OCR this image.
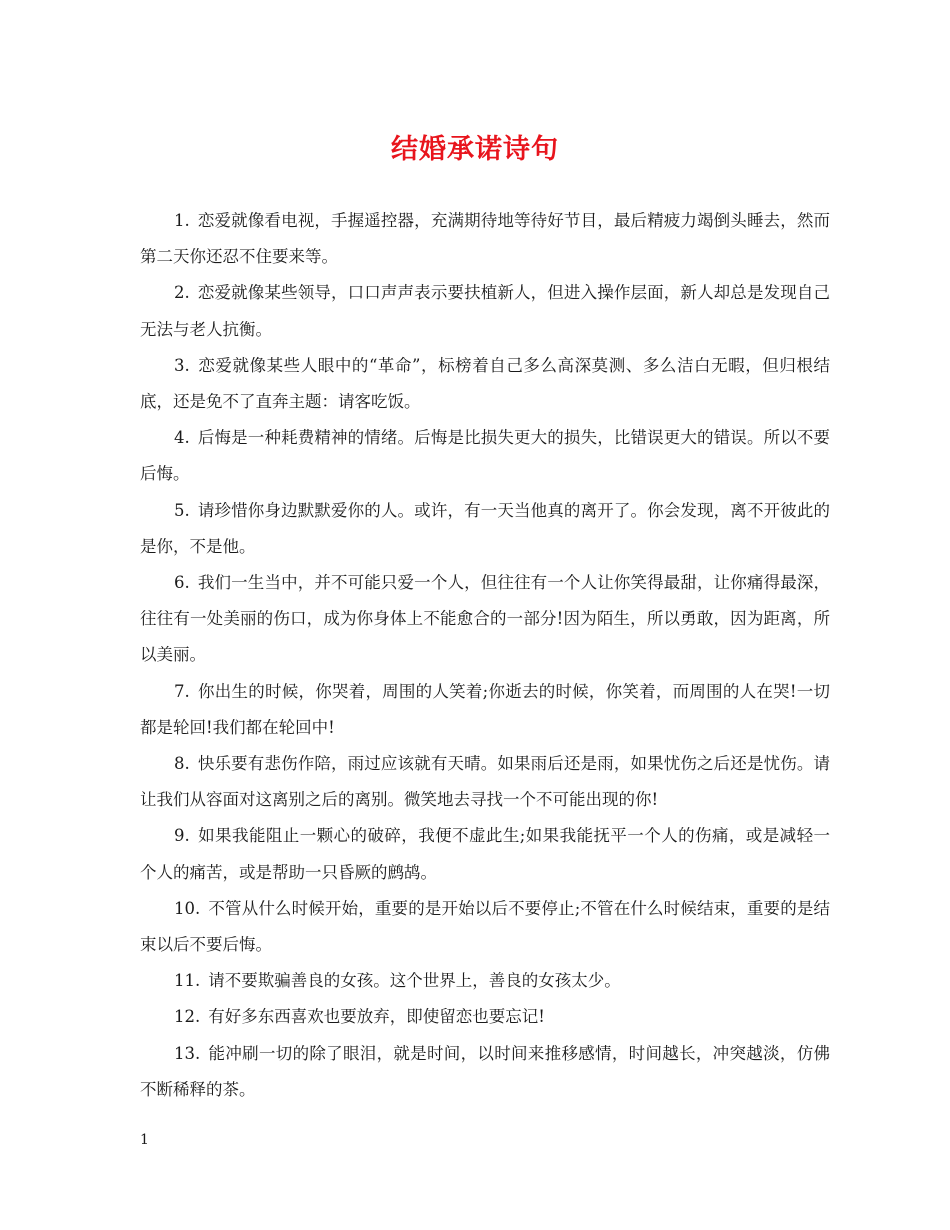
结婚承诺诗句

1. 恋爱就像看电视，手握遥控器，充满期待地等待好节目，最后精疲力竭倒头睡去，然而第二天你还忍不住要来等。

2. 恋爱就像某些领导，口口声声表示要扶植新人，但进入操作层面，新人却总是发现自己无法与老人抗衡。

3. 恋爱就像某些人眼中的“革命”，标榜着自己多么高深莫测、多么洁白无暇，但归根结底，还是免不了直奔主题：请客吃饭。

4. 后悔是一种耗费精神的情绪。后悔是比损失更大的损失，比错误更大的错误。所以不要后悔。

5. 请珍惜你身边默默爱你的人。或许，有一天当他真的离开了。你会发现，离不开彼此的是你，不是他。

6. 我们一生当中，并不可能只爱一个人，但往往有一个人让你笑得最甜，让你痛得最深，往往有一处美丽的伤口，成为你身体上不能愈合的一部分!因为陌生，所以勇敢，因为距离，所以美丽。

7. 你出生的时候，你哭着，周围的人笑着;你逝去的时候，你笑着，而周围的人在哭!一切都是轮回!我们都在轮回中!

8. 快乐要有悲伤作陪，雨过应该就有天晴。如果雨后还是雨，如果忧伤之后还是忧伤。请让我们从容面对这离别之后的离别。微笑地去寻找一个不可能出现的你!

9. 如果我能阻止一颗心的破碎，我便不虚此生;如果我能抚平一个人的伤痛，或是减轻一个人的痛苦，或是帮助一只昏厥的鹧鸪。

10. 不管从什么时候开始，重要的是开始以后不要停止;不管在什么时候结束，重要的是结束以后不要后悔。

11. 请不要欺骗善良的女孩。这个世界上，善良的女孩太少。

12. 有好多东西喜欢也要放弃，即使留恋也要忘记!

13. 能冲刷一切的除了眼泪，就是时间，以时间来推移感情，时间越长，冲突越淡，仿佛不断稀释的茶。

1
